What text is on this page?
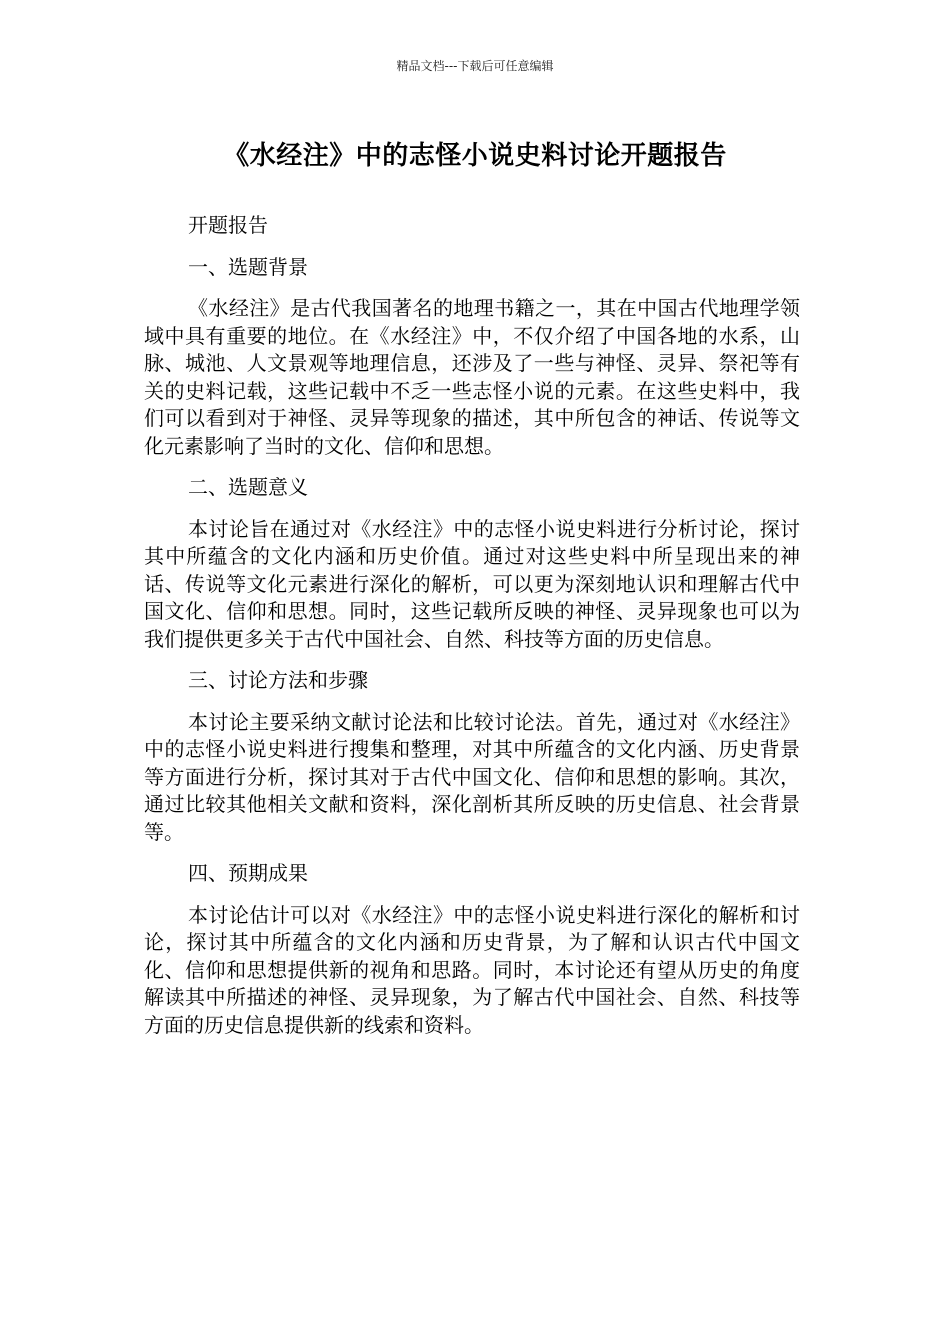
精品文档---下载后可任意编辑
《水经注》中的志怪小说史料讨论开题报告

开题报告

一、选题背景

《水经注》是古代我国著名的地理书籍之一，其在中国古代地理学领域中具有重要的地位。在《水经注》中，不仅介绍了中国各地的水系，山脉、城池、人文景观等地理信息，还涉及了一些与神怪、灵异、祭祀等有关的史料记载，这些记载中不乏一些志怪小说的元素。在这些史料中，我们可以看到对于神怪、灵异等现象的描述，其中所包含的神话、传说等文化元素影响了当时的文化、信仰和思想。

二、选题意义

本讨论旨在通过对《水经注》中的志怪小说史料进行分析讨论，探讨其中所蕴含的文化内涵和历史价值。通过对这些史料中所呈现出来的神话、传说等文化元素进行深化的解析，可以更为深刻地认识和理解古代中国文化、信仰和思想。同时，这些记载所反映的神怪、灵异现象也可以为我们提供更多关于古代中国社会、自然、科技等方面的历史信息。

三、讨论方法和步骤

本讨论主要采纳文献讨论法和比较讨论法。首先，通过对《水经注》中的志怪小说史料进行搜集和整理，对其中所蕴含的文化内涵、历史背景等方面进行分析，探讨其对于古代中国文化、信仰和思想的影响。其次，通过比较其他相关文献和资料，深化剖析其所反映的历史信息、社会背景等。

四、预期成果

本讨论估计可以对《水经注》中的志怪小说史料进行深化的解析和讨论，探讨其中所蕴含的文化内涵和历史背景，为了解和认识古代中国文化、信仰和思想提供新的视角和思路。同时，本讨论还有望从历史的角度解读其中所描述的神怪、灵异现象，为了解古代中国社会、自然、科技等方面的历史信息提供新的线索和资料。
